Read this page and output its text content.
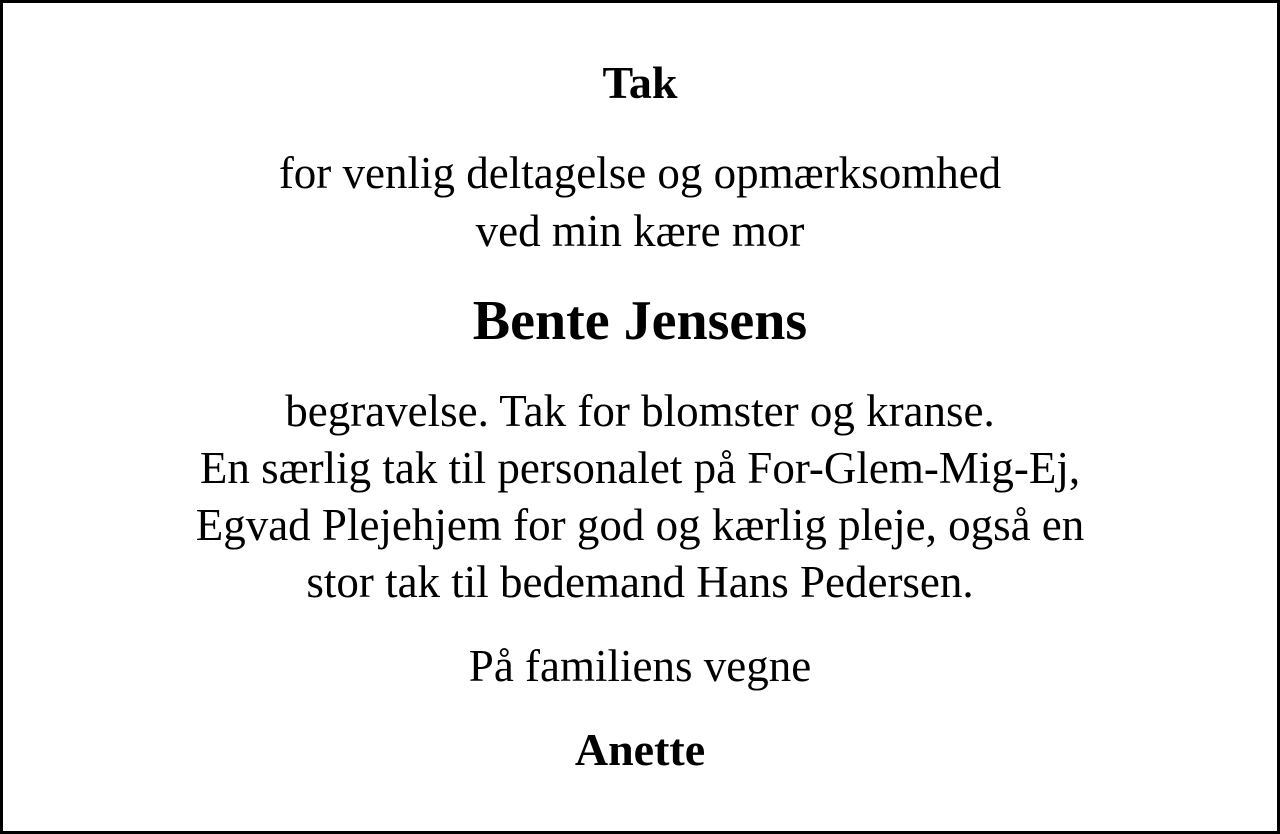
Tak

for venlig deltagelse og opmærksomhed
ved min kære mor

Bente Jensens

begravelse. Tak for blomster og kranse.
En særlig tak til personalet på For-Glem-Mig-Ej,
Egvad Plejehjem for god og kærlig pleje, også en
stor tak til bedemand Hans Pedersen.

På familiens vegne

Anette
